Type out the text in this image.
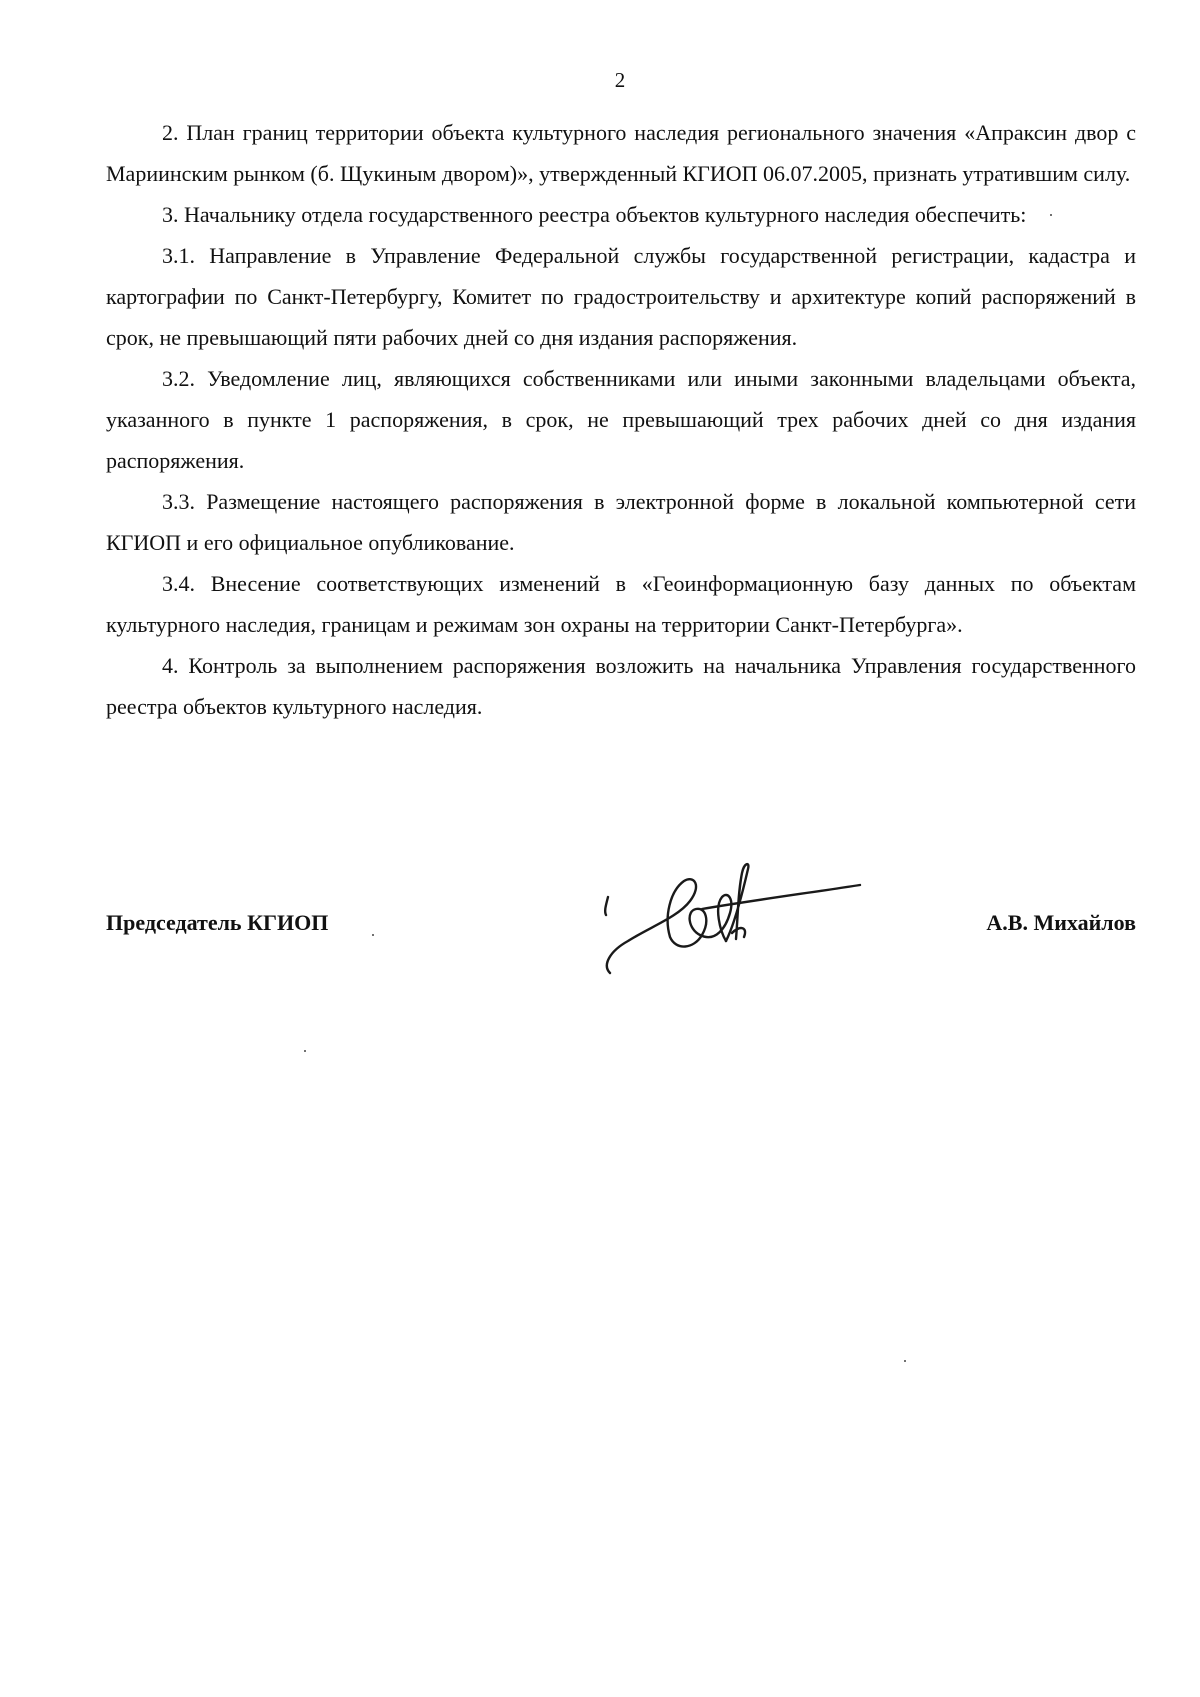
2

2. План границ территории объекта культурного наследия регионального значения «Апраксин двор с Мариинским рынком (б. Щукиным двором)», утвержденный КГИОП 06.07.2005, признать утратившим силу.

3. Начальнику отдела государственного реестра объектов культурного наследия обеспечить:

3.1. Направление в Управление Федеральной службы государственной регистрации, кадастра и картографии по Санкт-Петербургу, Комитет по градостроительству и архитектуре копий распоряжений в срок, не превышающий пяти рабочих дней со дня издания распоряжения.

3.2. Уведомление лиц, являющихся собственниками или иными законными владельцами объекта, указанного в пункте 1 распоряжения, в срок, не превышающий трех рабочих дней со дня издания распоряжения.

3.3. Размещение настоящего распоряжения в электронной форме в локальной компьютерной сети КГИОП и его официальное опубликование.

3.4. Внесение соответствующих изменений в «Геоинформационную базу данных по объектам культурного наследия, границам и режимам зон охраны на территории Санкт-Петербурга».

4. Контроль за выполнением распоряжения возложить на начальника Управления государственного реестра объектов культурного наследия.

Председатель КГИОП	А.В. Михайлов
